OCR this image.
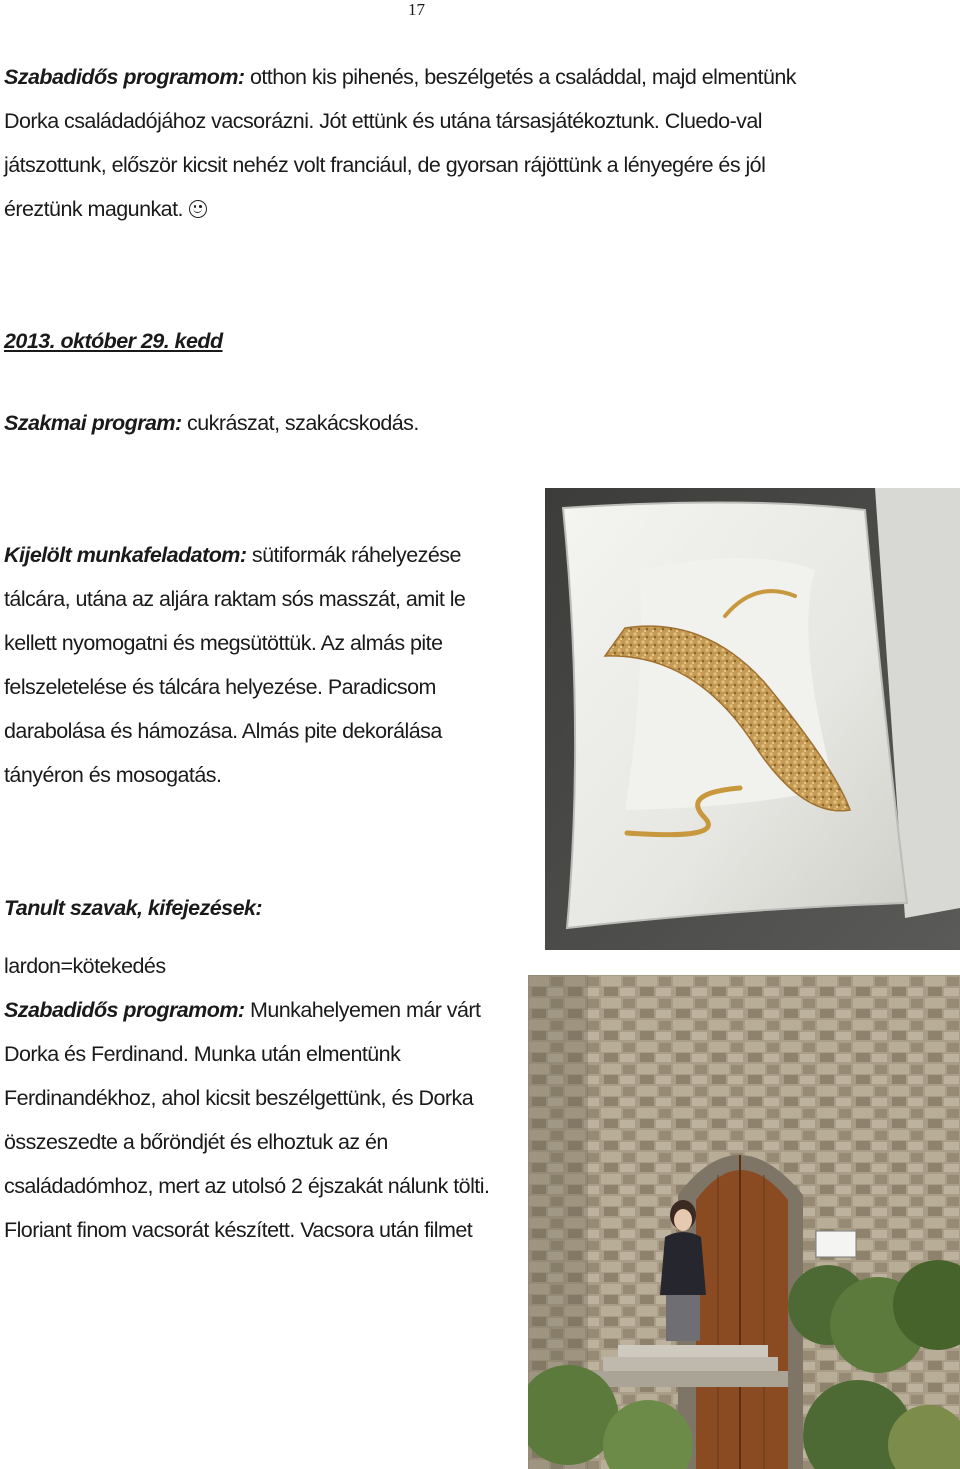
17
Szabadidős programom: otthon kis pihenés, beszélgetés a családdal, majd elmentünk
Dorka családadójához vacsorázni. Jót ettünk és utána társasjátékoztunk. Cluedo-val
játszottunk, először kicsit nehéz volt franciául, de gyorsan rájöttünk a lényegére és jól
éreztünk magunkat.
2013. október 29. kedd
Szakmai program: cukrászat, szakácskodás.
Kijelölt munkafeladatom: sütiformák ráhelyezése
tálcára, utána az aljára raktam sós masszát, amit le
kellett nyomogatni és megsütöttük. Az almás pite
felszeletelése és tálcára helyezése. Paradicsom
darabolása és hámozása. Almás pite dekorálása
tányéron és mosogatás.
Tanult szavak, kifejezések:
lardon=kötekedés
Szabadidős programom: Munkahelyemen már várt
Dorka és Ferdinand. Munka után elmentünk
Ferdinandékhoz, ahol kicsit beszélgettünk, és Dorka
összeszedte a bőröndjét és elhoztuk az én
családadómhoz, mert az utolsó 2 éjszakát nálunk tölti.
Floriant finom vacsorát készített. Vacsora után filmet
